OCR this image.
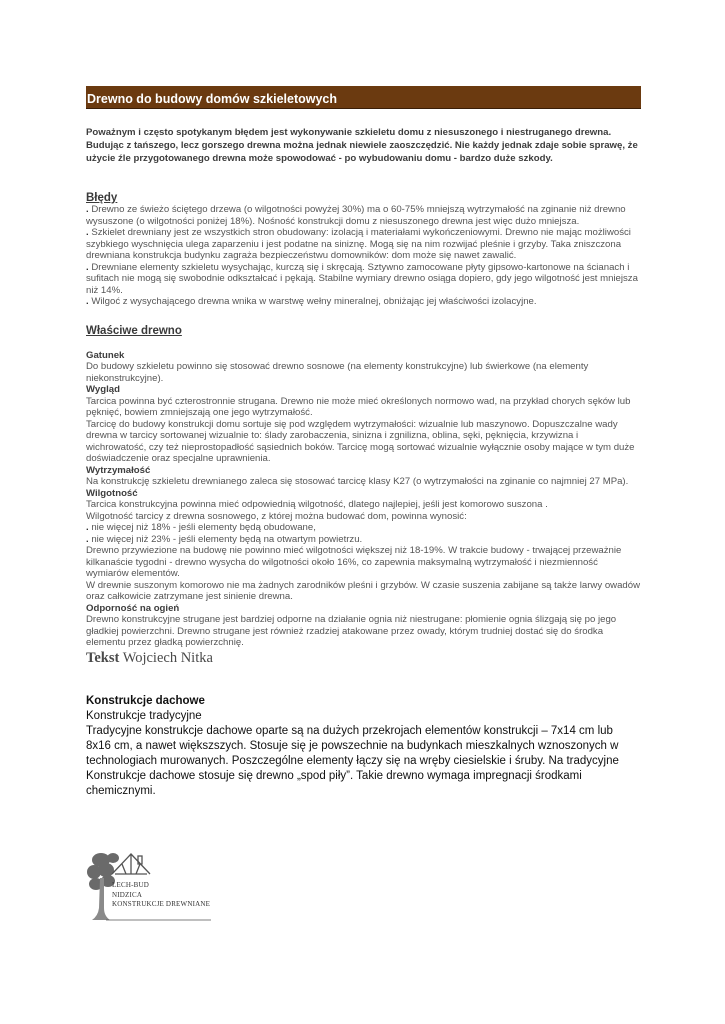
Drewno do budowy domów szkieletowych
Poważnym i często spotykanym błędem jest wykonywanie szkieletu domu z niesuszonego i niestruganego drewna. Budując z tańszego, lecz gorszego drewna można jednak niewiele zaoszczędzić. Nie każdy jednak zdaje sobie sprawę, że użycie źle przygotowanego drewna może spowodować - po wybudowaniu domu - bardzo duże szkody.
Błędy
. Drewno ze świeżo ściętego drzewa (o wilgotności powyżej 30%) ma o 60-75% mniejszą wytrzymałość na zginanie niż drewno wysuszone (o wilgotności poniżej 18%). Nośność konstrukcji domu z niesuszonego drewna jest więc dużo mniejsza.
. Szkielet drewniany jest ze wszystkich stron obudowany: izolacją i materiałami wykończeniowymi. Drewno nie mając możliwości szybkiego wyschnięcia ulega zaparzeniu i jest podatne na siniznę. Mogą się na nim rozwijać pleśnie i grzyby. Taka zniszczona drewniana konstrukcja budynku zagraża bezpieczeństwu domowników: dom może się nawet zawalić.
. Drewniane elementy szkieletu wysychając, kurczą się i skręcają. Sztywno zamocowane płyty gipsowo-kartonowe na ścianach i sufitach nie mogą się swobodnie odkształcać i pękają. Stabilne wymiary drewno osiąga dopiero, gdy jego wilgotność jest mniejsza niż 14%.
. Wilgoć z wysychającego drewna wnika w warstwę wełny mineralnej, obniżając jej właściwości izolacyjne.
Właściwe drewno
Gatunek
Do budowy szkieletu powinno się stosować drewno sosnowe (na elementy konstrukcyjne) lub świerkowe (na elementy niekonstrukcyjne).
Wygląd
Tarcica powinna być czterostronnie strugana. Drewno nie może mieć określonych normowo wad, na przykład chorych sęków lub pęknięć, bowiem zmniejszają one jego wytrzymałość.
Tarcicę do budowy konstrukcji domu sortuje się pod względem wytrzymałości: wizualnie lub maszynowo. Dopuszczalne wady drewna w tarcicy sortowanej wizualnie to: ślady zarobaczenia, sinizna i zgnilizna, oblina, sęki, pęknięcia, krzywizna i wichrowatość, czy też nieprostopadłość sąsiednich boków. Tarcicę mogą sortować wizualnie wyłącznie osoby mające w tym duże doświadczenie oraz specjalne uprawnienia.
Wytrzymałość
Na konstrukcję szkieletu drewnianego zaleca się stosować tarcicę klasy K27 (o wytrzymałości na zginanie co najmniej 27 MPa).
Wilgotność
Tarcica konstrukcyjna powinna mieć odpowiednią wilgotność, dlatego najlepiej, jeśli jest komorowo suszona .
Wilgotność tarcicy z drewna sosnowego, z której można budować dom, powinna wynosić:
. nie więcej niż 18% - jeśli elementy będą obudowane,
. nie więcej niż 23% - jeśli elementy będą na otwartym powietrzu.
Drewno przywiezione na budowę nie powinno mieć wilgotności większej niż 18-19%. W trakcie budowy - trwającej przeważnie kilkanaście tygodni - drewno wysycha do wilgotności około 16%, co zapewnia maksymalną wytrzymałość i niezmienność wymiarów elementów.
W drewnie suszonym komorowo nie ma żadnych zarodników pleśni i grzybów. W czasie suszenia zabijane są także larwy owadów oraz całkowicie zatrzymane jest sinienie drewna.
Odporność na ogień
Drewno konstrukcyjne strugane jest bardziej odporne na działanie ognia niż niestrugane: płomienie ognia ślizgają się po jego gładkiej powierzchni. Drewno strugane jest również rzadziej atakowane przez owady, którym trudniej dostać się do środka elementu przez gładką powierzchnię.
Tekst Wojciech Nitka
Konstrukcje dachowe
Konstrukcje tradycyjne
Tradycyjne konstrukcje dachowe oparte są na dużych przekrojach elementów konstrukcji – 7x14 cm lub 8x16 cm, a nawet większszych. Stosuje się je powszechnie na budynkach mieszkalnych wznoszonych w technologiach murowanych. Poszczególne elementy łączy się na wręby ciesielskie i śruby. Na tradycyjne Konstrukcje dachowe stosuje się drewno „spod piły”. Takie drewno wymaga impregnacji środkami chemicznymi.
LECH-BUD
NIDZICA
KONSTRUKCJE DREWNIANE
